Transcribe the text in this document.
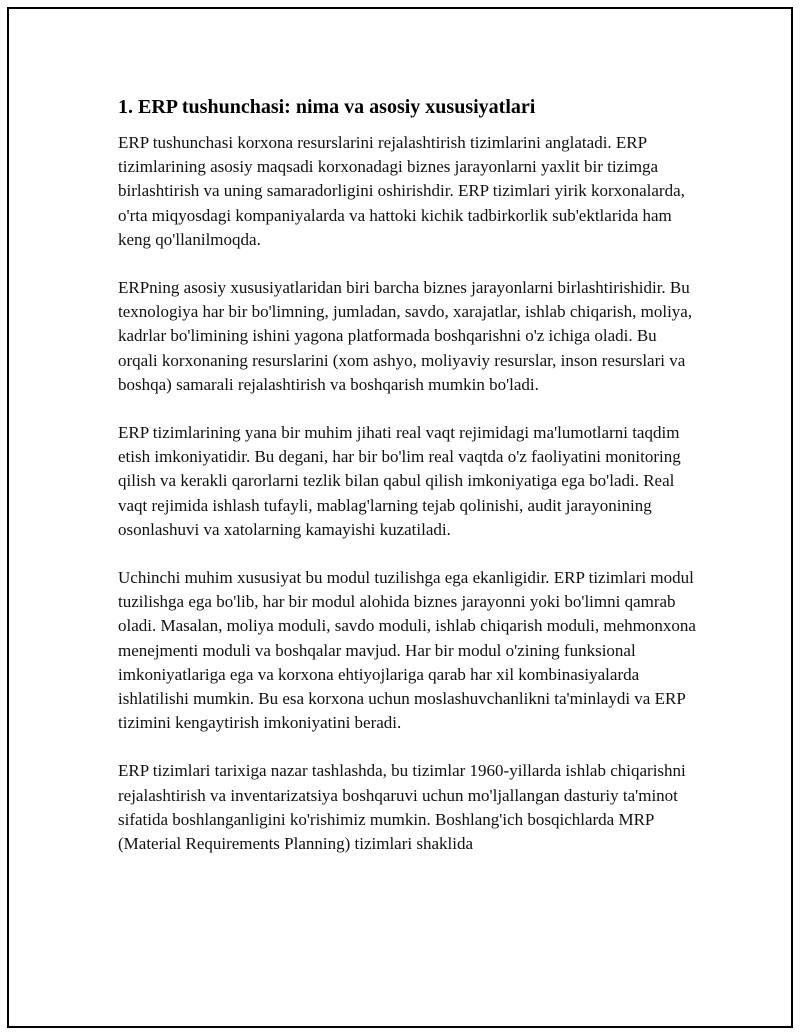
1. ERP tushunchasi: nima va asosiy xususiyatlari

ERP tushunchasi korxona resurslarini rejalashtirish tizimlarini anglatadi. ERP tizimlarining asosiy maqsadi korxonadagi biznes jarayonlarni yaxlit bir tizimga birlashtirish va uning samaradorligini oshirishdir. ERP tizimlari yirik korxonalarda, o'rta miqyosdagi kompaniyalarda va hattoki kichik tadbirkorlik sub'ektlarida ham keng qo'llanilmoqda.

ERPning asosiy xususiyatlaridan biri barcha biznes jarayonlarni birlashtirishidir. Bu texnologiya har bir bo'limning, jumladan, savdo, xarajatlar, ishlab chiqarish, moliya, kadrlar bo'limining ishini yagona platformada boshqarishni o'z ichiga oladi. Bu orqali korxonaning resurslarini (xom ashyo, moliyaviy resurslar, inson resurslari va boshqa) samarali rejalashtirish va boshqarish mumkin bo'ladi.

ERP tizimlarining yana bir muhim jihati real vaqt rejimidagi ma'lumotlarni taqdim etish imkoniyatidir. Bu degani, har bir bo'lim real vaqtda o'z faoliyatini monitoring qilish va kerakli qarorlarni tezlik bilan qabul qilish imkoniyatiga ega bo'ladi. Real vaqt rejimida ishlash tufayli, mablag'larning tejab qolinishi, audit jarayonining osonlashuvi va xatolarning kamayishi kuzatiladi.

Uchinchi muhim xususiyat bu modul tuzilishga ega ekanligidir. ERP tizimlari modul tuzilishga ega bo'lib, har bir modul alohida biznes jarayonni yoki bo'limni qamrab oladi. Masalan, moliya moduli, savdo moduli, ishlab chiqarish moduli, mehmonxona menejmenti moduli va boshqalar mavjud. Har bir modul o'zining funksional imkoniyatlariga ega va korxona ehtiyojlariga qarab har xil kombinasiyalarda ishlatilishi mumkin. Bu esa korxona uchun moslashuvchanlikni ta'minlaydi va ERP tizimini kengaytirish imkoniyatini beradi.

ERP tizimlari tarixiga nazar tashlashda, bu tizimlar 1960-yillarda ishlab chiqarishni rejalashtirish va inventarizatsiya boshqaruvi uchun mo'ljallangan dasturiy ta'minot sifatida boshlanganligini ko'rishimiz mumkin. Boshlang'ich bosqichlarda MRP (Material Requirements Planning) tizimlari shaklida
